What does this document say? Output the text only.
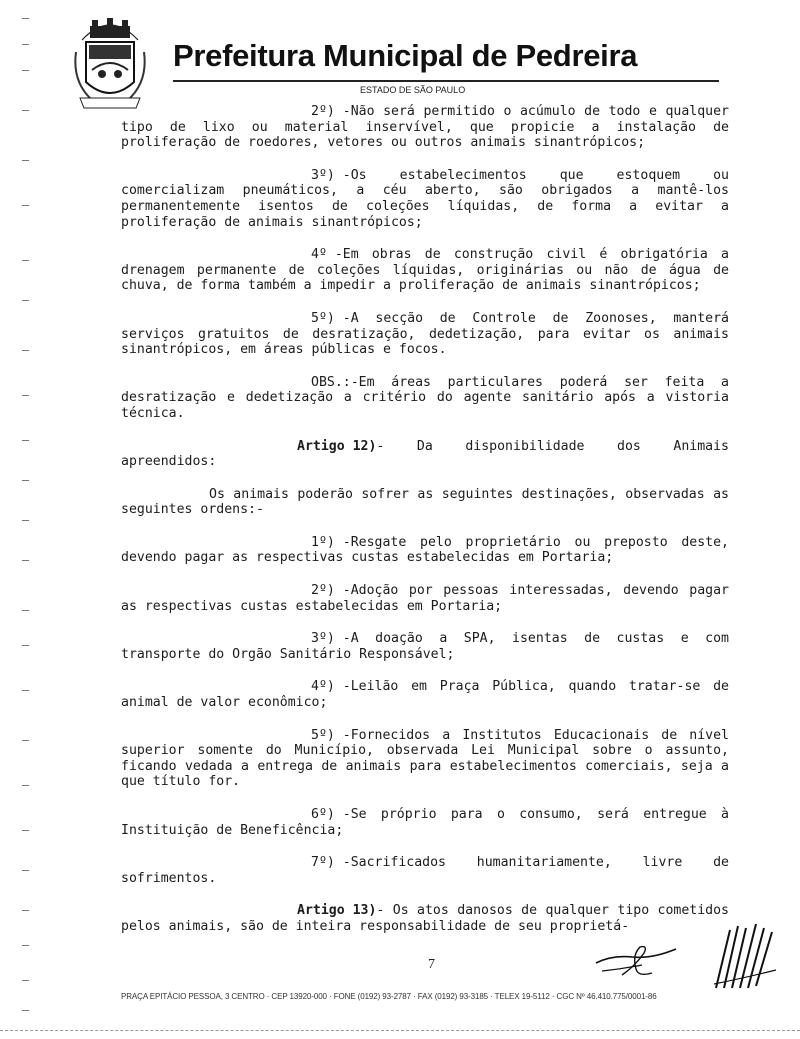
Prefeitura Municipal de Pedreira
ESTADO DE SÃO PAULO

2º) -Não será permitido o acúmulo de todo e qualquer tipo de lixo ou material inservível, que propicie a instalação de proliferação de roedores, vetores ou outros animais sinantrópicos;

3º) -Os estabelecimentos que estoquem ou comercializam pneumáticos, a céu aberto, são obrigados a mantê-los permanentemente isentos de coleções líquidas, de forma a evitar a proliferação de animais sinantrópicos;

4º -Em obras de construção civil é obrigatória a drenagem permanente de coleções líquidas, originárias ou não de água de chuva, de forma também a impedir a proliferação de animais sinantrópicos;

5º) -A secção de Controle de Zoonoses, manterá serviços gratuitos de desratização, dedetização, para evitar os animais sinantrópicos, em áreas públicas e focos.

OBS.:-Em áreas particulares poderá ser feita a desratização e dedetização a critério do agente sanitário após a vistoria técnica.

Artigo 12)- Da disponibilidade dos Animais apreendidos:

Os animais poderão sofrer as seguintes destinações, observadas as seguintes ordens:-

1º) -Resgate pelo proprietário ou preposto deste, devendo pagar as respectivas custas estabelecidas em Portaria;

2º) -Adoção por pessoas interessadas, devendo pagar as respectivas custas estabelecidas em Portaria;

3º) -A doação a SPA, isentas de custas e com transporte do Orgão Sanitário Responsável;

4º) -Leilão em Praça Pública, quando tratar-se de animal de valor econômico;

5º) -Fornecidos a Institutos Educacionais de nível superior somente do Município, observada Lei Municipal sobre o assunto, ficando vedada a entrega de animais para estabelecimentos comerciais, seja a que título for.

6º) -Se próprio para o consumo, será entregue à Instituição de Beneficência;

7º) -Sacrificados humanitariamente, livre de sofrimentos.

Artigo 13)- Os atos danosos de qualquer tipo cometidos pelos animais, são de inteira responsabilidade de seu proprietá-

7
PRAÇA EPITÁCIO PESSOA, 3 CENTRO · CEP 13920-000 · FONE (0192) 93-2787 · FAX (0192) 93-3185 · TELEX 19-5112 · CGC Nº 46.410.775/0001-86
